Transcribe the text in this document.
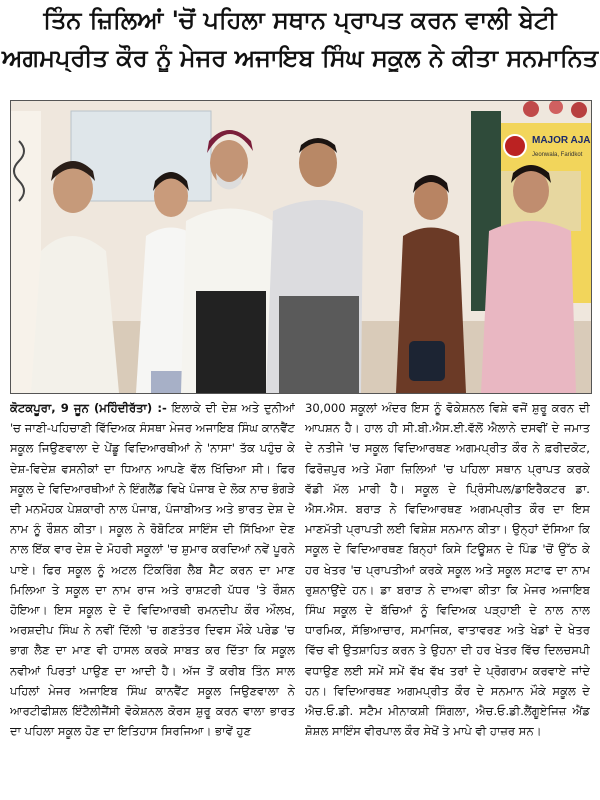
ਤਿੰਨ ਜ਼ਿਲਿਆਂ 'ਚੋਂ ਪਹਿਲਾ ਸਥਾਨ ਪ੍ਰਾਪਤ ਕਰਨ ਵਾਲੀ ਬੇਟੀ
ਅਗਮਪ੍ਰੀਤ ਕੌਰ ਨੂੰ ਮੇਜਰ ਅਜਾਇਬ ਸਿੰਘ ਸਕੂਲ ਨੇ ਕੀਤਾ ਸਨਮਾਨਿਤ
MAJOR AJA
Jeonwala, Faridkot
ਕੋਟਕਪੂਰਾ, 9 ਜੂਨ (ਮਹਿੰਦੀਰੱਤਾ) :- ਇਲਾਕੇ ਦੀ ਦੇਸ਼ ਅਤੇ ਦੁਨੀਆਂ 'ਚ ਜਾਣੀ-ਪਹਿਚਾਣੀ ਵਿੱਦਿਅਕ ਸੰਸਥਾ ਮੇਜਰ ਅਜਾਇਬ ਸਿੰਘ ਕਾਨਵੈਂਟ ਸਕੂਲ ਜਿਉਣਵਾਲਾ ਦੇ ਪੇਂਡੂ ਵਿਦਿਆਰਥੀਆਂ ਨੇ 'ਨਾਸਾ' ਤੱਕ ਪਹੁੰਚ ਕੇ ਦੇਸ਼-ਵਿਦੇਸ਼ ਵਸਨੀਕਾਂ ਦਾ ਧਿਆਨ ਆਪਣੇ ਵੱਲ ਖਿੱਚਿਆ ਸੀ। ਫਿਰ ਸਕੂਲ ਦੇ ਵਿਦਿਆਰਥੀਆਂ ਨੇ ਇੰਗਲੈਂਡ ਵਿਖੇ ਪੰਜਾਬ ਦੇ ਲੋਕ ਨਾਚ ਭੰਗੜੇ ਦੀ ਮਨਮੋਹਕ ਪੇਸ਼ਕਾਰੀ ਨਾਲ ਪੰਜਾਬ, ਪੰਜਾਬੀਅਤ ਅਤੇ ਭਾਰਤ ਦੇਸ਼ ਦੇ ਨਾਮ ਨੂੰ ਰੌਸ਼ਨ ਕੀਤਾ। ਸਕੂਲ ਨੇ ਰੋਬੋਟਿਕ ਸਾਇੰਸ ਦੀ ਸਿੱਖਿਆ ਦੇਣ ਨਾਲ ਇੱਕ ਵਾਰ ਦੇਸ਼ ਦੇ ਮੋਹਰੀ ਸਕੂਲਾਂ 'ਚ ਸ਼ੁਮਾਰ ਕਰਦਿਆਂ ਨਵੇਂ ਪੂਰਨੇ ਪਾਏ। ਫਿਰ ਸਕੂਲ ਨੂੰ ਅਟਲ ਟਿੰਕਰਿੰਗ ਲੈਬ ਸੈਟ ਕਰਨ ਦਾ ਮਾਣ ਮਿਲਿਆ ਤੇ ਸਕੂਲ ਦਾ ਨਾਮ ਰਾਜ ਅਤੇ ਰਾਸ਼ਟਰੀ ਪੱਧਰ 'ਤੇ ਰੌਸ਼ਨ ਹੋਇਆ। ਇਸ ਸਕੂਲ ਦੇ ਦੋ ਵਿਦਿਆਰਥੀ ਰਮਨਦੀਪ ਕੌਰ ਔਲਖ, ਅਰਸ਼ਦੀਪ ਸਿੰਘ ਨੇ ਨਵੀਂ ਦਿੱਲੀ 'ਚ ਗਣਤੰਤਰ ਦਿਵਸ ਮੌਕੇ ਪਰੇਡ 'ਚ ਭਾਗ ਲੈਣ ਦਾ ਮਾਣ ਵੀ ਹਾਸਲ ਕਰਕੇ ਸਾਬਤ ਕਰ ਦਿੱਤਾ ਕਿ ਸਕੂਲ ਨਵੀਆਂ ਪਿਰਤਾਂ ਪਾਉਣ ਦਾ ਆਦੀ ਹੈ। ਅੱਜ ਤੋਂ ਕਰੀਬ ਤਿੰਨ ਸਾਲ ਪਹਿਲਾਂ ਮੇਜਰ ਅਜਾਇਬ ਸਿੰਘ ਕਾਨਵੈਂਟ ਸਕੂਲ ਜਿਉਣਵਾਲਾ ਨੇ ਆਰਟੀਫੀਸ਼ਲ ਇੰਟੈਲੀਜੈਂਸੀ ਵੋਕੇਸ਼ਨਲ ਕੋਰਸ ਸ਼ੁਰੂ ਕਰਨ ਵਾਲਾ ਭਾਰਤ ਦਾ ਪਹਿਲਾ ਸਕੂਲ ਹੋਣ ਦਾ ਇਤਿਹਾਸ ਸਿਰਜਿਆ। ਭਾਵੇਂ ਹੁਣ
30,000 ਸਕੂਲਾਂ ਅੰਦਰ ਇਸ ਨੂੰ ਵੋਕੇਸ਼ਨਲ ਵਿਸ਼ੇ ਵਜੋਂ ਸ਼ੁਰੂ ਕਰਨ ਦੀ ਆਪਸ਼ਨ ਹੈ। ਹਾਲ ਹੀ ਸੀ.ਬੀ.ਐਸ.ਈ.ਵੱਲੋਂ ਐਲਾਨੇ ਦਸਵੀਂ ਦੇ ਜਮਾਤ ਦੇ ਨਤੀਜੇ 'ਚ ਸਕੂਲ ਵਿਦਿਆਰਥਣ ਅਗਮਪ੍ਰੀਤ ਕੌਰ ਨੇ ਫ਼ਰੀਦਕੋਟ, ਫਿਰੋਜ਼ਪੁਰ ਅਤੇ ਮੋਗਾ ਜ਼ਿਲਿਆਂ 'ਚ ਪਹਿਲਾ ਸਥਾਨ ਪ੍ਰਾਪਤ ਕਰਕੇ ਵੱਡੀ ਮੱਲ ਮਾਰੀ ਹੈ। ਸਕੂਲ ਦੇ ਪ੍ਰਿੰਸੀਪਲ/ਡਾਇਰੈਕਟਰ ਡਾ. ਐਸ.ਐਸ. ਬਰਾੜ ਨੇ ਵਿਦਿਆਰਥਣ ਅਗਮਪ੍ਰੀਤ ਕੌਰ ਦਾ ਇਸ ਮਾਣਮੱਤੀ ਪ੍ਰਾਪਤੀ ਲਈ ਵਿਸ਼ੇਸ਼ ਸਨਮਾਨ ਕੀਤਾ। ਉਨ੍ਹਾਂ ਦੱਸਿਆ ਕਿ ਸਕੂਲ ਦੇ ਵਿਦਿਆਰਥਣ ਬਿਨ੍ਹਾਂ ਕਿਸੇ ਟਿਊਸ਼ਨ ਦੇ ਪਿੰਡ 'ਚੋਂ ਉੱਠ ਕੇ ਹਰ ਖੇਤਰ 'ਚ ਪ੍ਰਾਪਤੀਆਂ ਕਰਕੇ ਸਕੂਲ ਅਤੇ ਸਕੂਲ ਸਟਾਫ ਦਾ ਨਾਮ ਰੁਸ਼ਨਾਉਂਦੇ ਹਨ। ਡਾ ਬਰਾੜ ਨੇ ਦਾਅਵਾ ਕੀਤਾ ਕਿ ਮੇਜਰ ਅਜਾਇਬ ਸਿੰਘ ਸਕੂਲ ਦੇ ਬੱਚਿਆਂ ਨੂੰ ਵਿਦਿਅਕ ਪੜ੍ਹਾਈ ਦੇ ਨਾਲ ਨਾਲ ਧਾਰਮਿਕ, ਸੱਭਿਆਚਾਰ, ਸਮਾਜਿਕ, ਵਾਤਾਵਰਣ ਅਤੇ ਖੇਡਾਂ ਦੇ ਖੇਤਰ ਵਿੱਚ ਵੀ ਉਤਸ਼ਾਹਿਤ ਕਰਨ ਤੇ ਉਹਨਾ ਦੀ ਹਰ ਖੇਤਰ ਵਿੱਚ ਦਿਲਚਸਪੀ ਵਧਾਉਣ ਲਈ ਸਮੇਂ ਸਮੇਂ ਵੱਖ ਵੱਖ ਤਰਾਂ ਦੇ ਪ੍ਰੋਗਰਾਮ ਕਰਵਾਏ ਜਾਂਦੇ ਹਨ। ਵਿਦਿਆਰਥਣ ਅਗਮਪ੍ਰੀਤ ਕੌਰ ਦੇ ਸਨਮਾਨ ਮੌਕੇ ਸਕੂਲ ਦੇ ਐਚ.ਓ.ਡੀ. ਸਟੈਮ ਮੀਨਾਕਸ਼ੀ ਸਿੰਗਲਾ, ਐਚ.ਓ.ਡੀ.ਲੈਂਗੂਏਜਿਜ਼ ਐਂਡ ਸ਼ੋਸ਼ਲ ਸਾਇੰਸ ਵੀਰਪਾਲ ਕੌਰ ਸੇਖੋਂ ਤੇ ਮਾਪੇ ਵੀ ਹਾਜ਼ਰ ਸਨ।
